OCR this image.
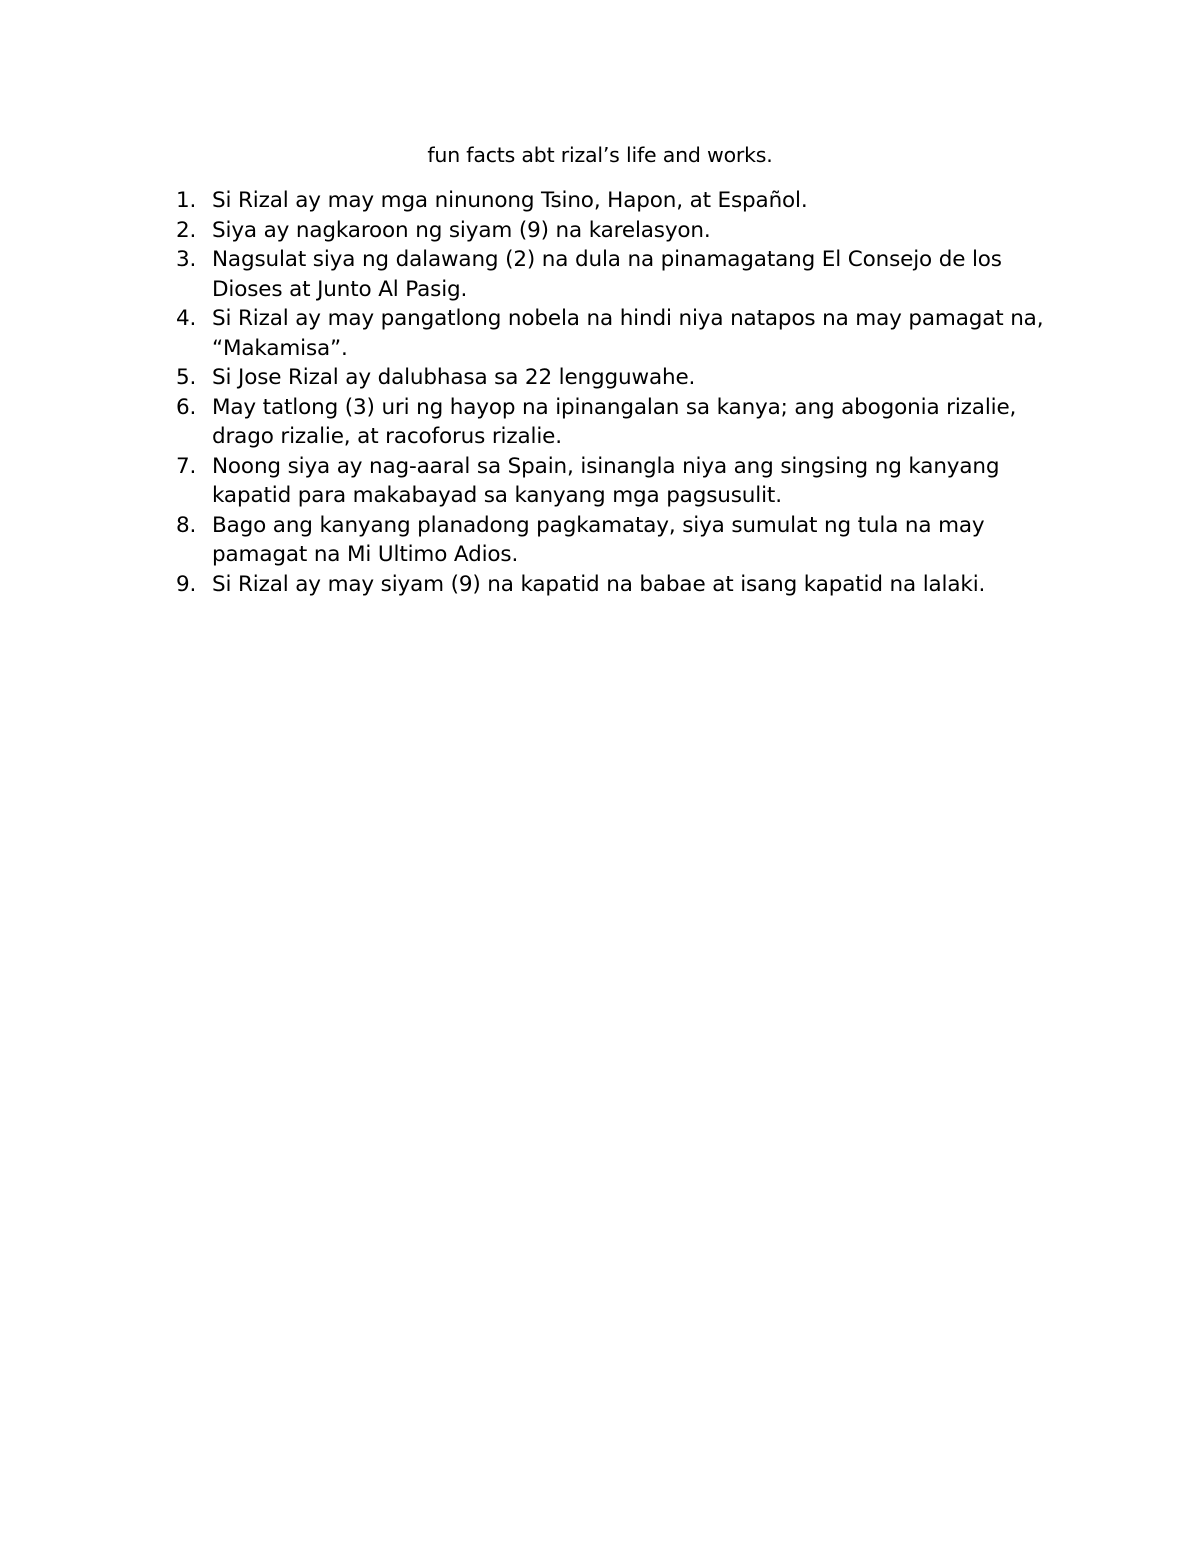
fun facts abt rizal’s life and works.
1. Si Rizal ay may mga ninunong Tsino, Hapon, at Español.
2. Siya ay nagkaroon ng siyam (9) na karelasyon.
3. Nagsulat siya ng dalawang (2) na dula na pinamagatang El Consejo de los Dioses at Junto Al Pasig.
4. Si Rizal ay may pangatlong nobela na hindi niya natapos na may pamagat na, “Makamisa”.
5. Si Jose Rizal ay dalubhasa sa 22 lengguwahe.
6. May tatlong (3) uri ng hayop na ipinangalan sa kanya; ang abogonia rizalie, drago rizalie, at racoforus rizalie.
7. Noong siya ay nag-aaral sa Spain, isinangla niya ang singsing ng kanyang kapatid para makabayad sa kanyang mga pagsusulit.
8. Bago ang kanyang planadong pagkamatay, siya sumulat ng tula na may pamagat na Mi Ultimo Adios.
9. Si Rizal ay may siyam (9) na kapatid na babae at isang kapatid na lalaki.
